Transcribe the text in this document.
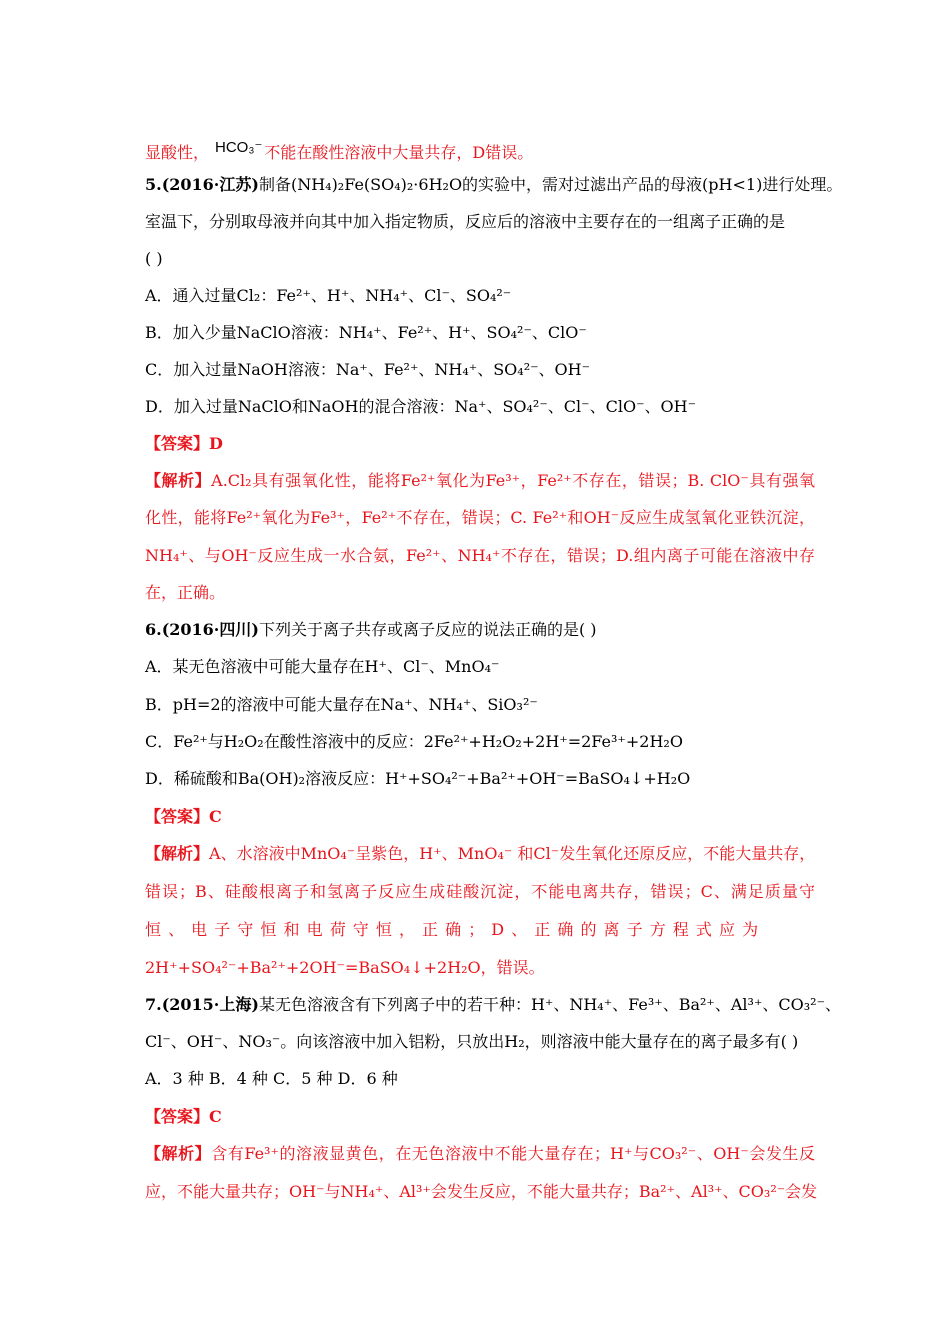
显酸性， HCO₃⁻ 不能在酸性溶液中大量共存，D错误。
5.(2016·江苏)制备(NH₄)₂Fe(SO₄)₂·6H₂O的实验中，需对过滤出产品的母液(pH<1)进行处理。
室温下，分别取母液并向其中加入指定物质，反应后的溶液中主要存在的一组离子正确的是
( )
A．通入过量Cl₂：Fe²⁺、H⁺、NH₄⁺、Cl⁻、SO₄²⁻
B．加入少量NaClO溶液：NH₄⁺、Fe²⁺、H⁺、SO₄²⁻、ClO⁻
C．加入过量NaOH溶液：Na⁺、Fe²⁺、NH₄⁺、SO₄²⁻、OH⁻
D．加入过量NaClO和NaOH的混合溶液：Na⁺、SO₄²⁻、Cl⁻、ClO⁻、OH⁻
【答案】D
【解析】A.Cl₂具有强氧化性，能将Fe²⁺氧化为Fe³⁺，Fe²⁺不存在，错误；B. ClO⁻具有强氧
化性，能将Fe²⁺氧化为Fe³⁺，Fe²⁺不存在，错误；C. Fe²⁺和OH⁻反应生成氢氧化亚铁沉淀，
NH₄⁺、与OH⁻反应生成一水合氨，Fe²⁺、NH₄⁺不存在，错误；D.组内离子可能在溶液中存
在，正确。
6.(2016·四川)下列关于离子共存或离子反应的说法正确的是( )
A．某无色溶液中可能大量存在H⁺、Cl⁻、MnO₄⁻
B．pH=2的溶液中可能大量存在Na⁺、NH₄⁺、SiO₃²⁻
C．Fe²⁺与H₂O₂在酸性溶液中的反应：2Fe²⁺+H₂O₂+2H⁺=2Fe³⁺+2H₂O
D．稀硫酸和Ba(OH)₂溶液反应：H⁺+SO₄²⁻+Ba²⁺+OH⁻=BaSO₄↓+H₂O
【答案】C
【解析】A、水溶液中MnO₄⁻呈紫色，H⁺、MnO₄⁻ 和Cl⁻发生氧化还原反应，不能大量共存，
错误；B、硅酸根离子和氢离子反应生成硅酸沉淀，不能电离共存，错误；C、满足质量守
恒 、 电 子 守 恒 和 电 荷 守 恒 ， 正 确 ； D 、 正 确 的 离 子 方 程 式 应 为
2H⁺+SO₄²⁻+Ba²⁺+2OH⁻=BaSO₄↓+2H₂O，错误。
7.(2015·上海)某无色溶液含有下列离子中的若干种：H⁺、NH₄⁺、Fe³⁺、Ba²⁺、Al³⁺、CO₃²⁻、
Cl⁻、OH⁻、NO₃⁻。向该溶液中加入铝粉，只放出H₂，则溶液中能大量存在的离子最多有( )
A．3 种 B．4 种 C．5 种 D．6 种
【答案】C
【解析】含有Fe³⁺的溶液显黄色，在无色溶液中不能大量存在；H⁺与CO₃²⁻、OH⁻会发生反
应，不能大量共存；OH⁻与NH₄⁺、Al³⁺会发生反应，不能大量共存；Ba²⁺、Al³⁺、CO₃²⁻会发
